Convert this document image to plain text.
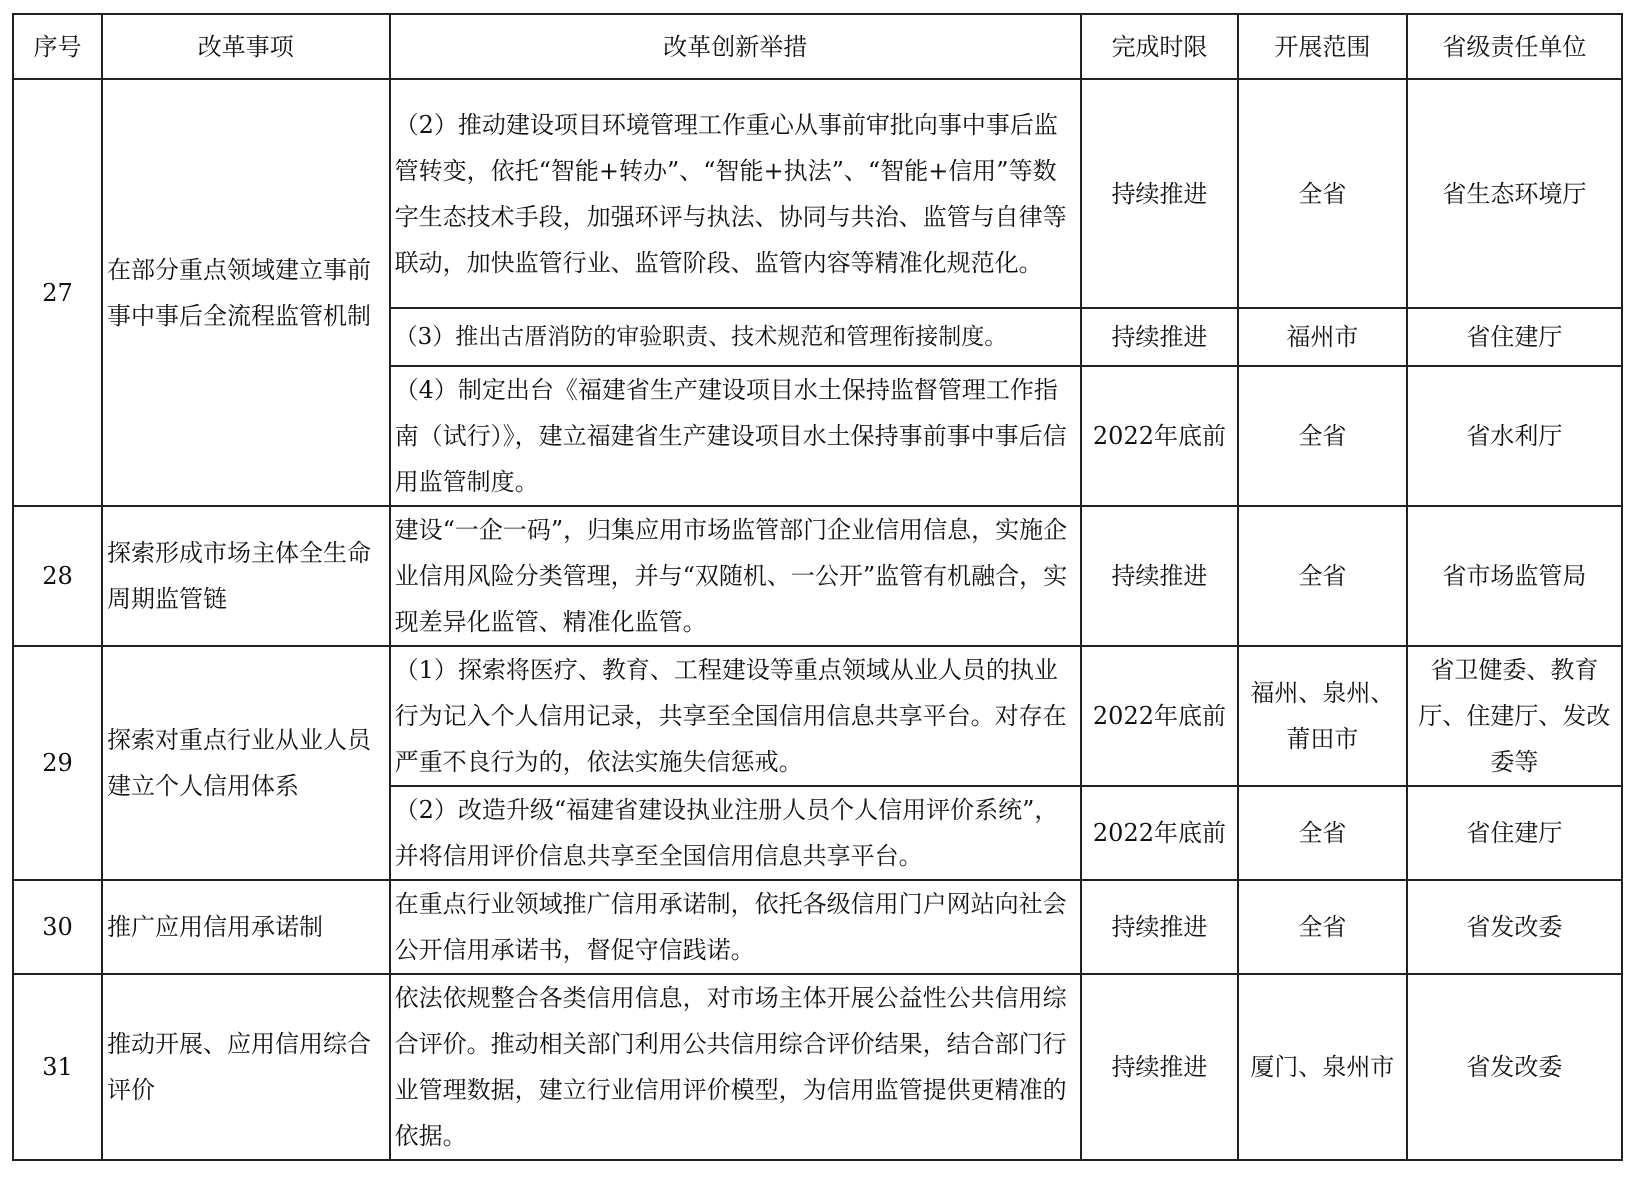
序号	改革事项	改革创新举措	完成时限	开展范围	省级责任单位
27	在部分重点领域建立事前事中事后全流程监管机制	（2）推动建设项目环境管理工作重心从事前审批向事中事后监管转变，依托“智能+转办”、“智能+执法”、“智能+信用”等数字生态技术手段，加强环评与执法、协同与共治、监管与自律等联动，加快监管行业、监管阶段、监管内容等精准化规范化。	持续推进	全省	省生态环境厅
		（3）推出古厝消防的审验职责、技术规范和管理衔接制度。	持续推进	福州市	省住建厅
		（4）制定出台《福建省生产建设项目水土保持监督管理工作指南（试行）》，建立福建省生产建设项目水土保持事前事中事后信用监管制度。	2022年底前	全省	省水利厅
28	探索形成市场主体全生命周期监管链	建设“一企一码”，归集应用市场监管部门企业信用信息，实施企业信用风险分类管理，并与“双随机、一公开”监管有机融合，实现差异化监管、精准化监管。	持续推进	全省	省市场监管局
29	探索对重点行业从业人员建立个人信用体系	（1）探索将医疗、教育、工程建设等重点领域从业人员的执业行为记入个人信用记录，共享至全国信用信息共享平台。对存在严重不良行为的，依法实施失信惩戒。	2022年底前	福州、泉州、莆田市	省卫健委、教育厅、住建厅、发改委等
		（2）改造升级“福建省建设执业注册人员个人信用评价系统”，并将信用评价信息共享至全国信用信息共享平台。	2022年底前	全省	省住建厅
30	推广应用信用承诺制	在重点行业领域推广信用承诺制，依托各级信用门户网站向社会公开信用承诺书，督促守信践诺。	持续推进	全省	省发改委
31	推动开展、应用信用综合评价	依法依规整合各类信用信息，对市场主体开展公益性公共信用综合评价。推动相关部门利用公共信用综合评价结果，结合部门行业管理数据，建立行业信用评价模型，为信用监管提供更精准的依据。	持续推进	厦门、泉州市	省发改委
